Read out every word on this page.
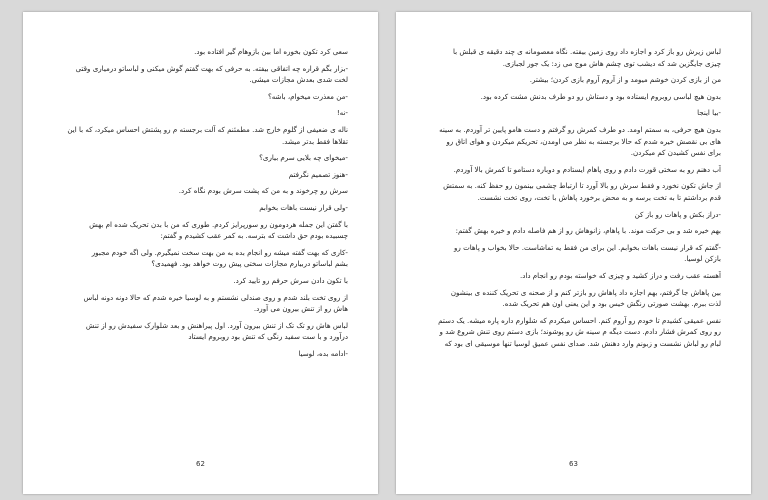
سعی کرد تکون بخوره اما بین بازوهام گیر افتاده بود.
-بزار بگم قراره چه اتفاقی بیفته. به حرفی که بهت گفتم گوش میکنی و لباساتو درمیاری وقتی
لخت شدی بعدش مجازات میشی.
-من معذرت میخوام، باشه؟
-نه!
ناله ی ضعیفی از گلوم خارج شد. مطمئنم که آلت برجسته م رو پشتش احساس میکرد، که با این
تقلاها فقط بدتر میشد.
-میخوای چه بلایی سرم بیاری؟
-هنوز تصمیم نگرفتم
سرش رو چرخوند و به من که پشت سرش بودم نگاه کرد.
-ولی قرار نیست باهات بخوابم
با گفتن این جمله هردومون رو سورپرایز کردم. طوری که من با بدن تحریک شده ام بهش
چسبیده بودم حق داشت که بترسه. به کمر عقب کشیدم و گفتم:
-کاری که بهت گفته میشه رو انجام بده به من بهت سخت نمیگیرم. ولی اگه خودم مجبور
بشم لباساتو دربیارم مجازات سختی پیش روت خواهد بود. فهمیدی؟
با تکون دادن سرش حرفم رو تایید کرد.
از روی تخت بلند شدم و روی صندلی نشستم و به لوسیا خیره شدم که حالا دونه دونه لباس
هاش رو از تنش بیرون می آورد.
لباس هاش رو تک تک از تنش بیرون آورد. اول پیراهنش و بعد شلوارک سفیدش رو از تنش
درآورد و با ست سفید رنگی که تنش بود روبروم ایستاد
-ادامه بده، لوسیا
62
لباس زیرش رو باز کرد و اجازه داد روی زمین بیفته. نگاه معصومانه ی چند دقیقه ی قبلش با
چیزی جایگزین شد که دیشب توی چشم هاش موج می زد: یک جور لجبازی.
من از بازی کردن خوشم میومد و از آروم آروم بازی کردن؛ بیشتر.
بدون هیچ لباسی روبروم ایستاده بود و دستاش رو دو طرف بدنش مشت کرده بود.
-بیا اینجا
بدون هیچ حرفی، به سمتم اومد. دو طرف کمرش رو گرفتم و دست هامو پایین تر آوردم. به سینه
های بی نقصش خیره شدم که حالا برجسته به نظر می اومدن، تحریکم میکردن و هوای اتاق رو
برای نفس کشیدن کم میکردن.
آب دهنم رو به سختی قورت دادم و روی پاهام ایستادم و دوباره دستامو تا کمرش بالا آوردم.
از جاش تکون نخورد و فقط سرش رو بالا آورد تا ارتباط چشمی بینمون رو حفظ کنه. به سمتش
قدم برداشتم تا به تخت برسه و به محض برخورد پاهاش با تخت، روی تخت نشست.
-دراز بکش و پاهات رو باز کن
بهم خیره شد و بی حرکت موند. با پاهام، زانوهاش رو از هم فاصله دادم و خیره بهش گفتم:
-گفتم که قرار نیست باهات بخوابم. این برای من فقط یه تماشاست. حالا بخواب و پاهات رو
بازکن لوسیا.
آهسته عقب رفت و دراز کشید و چیزی که خواسته بودم رو انجام داد.
بین پاهاش جا گرفتم، بهم اجازه داد پاهاش رو بازتر کنم و از صحنه ی تحریک کننده ی بینشون
لذت ببرم. بهشت صورتی رنگش خیس بود و این یعنی اون هم تحریک شده.
نفس عمیقی کشیدم تا خودم رو آروم کنم. احساس میکردم که شلوارم داره پاره میشه. یک دستم
رو روی کمرش فشار دادم. دست دیگه م سینه ش رو پوشوند؛ بازی دستم روی تنش شروع شد و
لبام رو لباش نشست و زبونم وارد دهنش شد. صدای نفس عمیق لوسیا تنها موسیقی ای بود که
63
